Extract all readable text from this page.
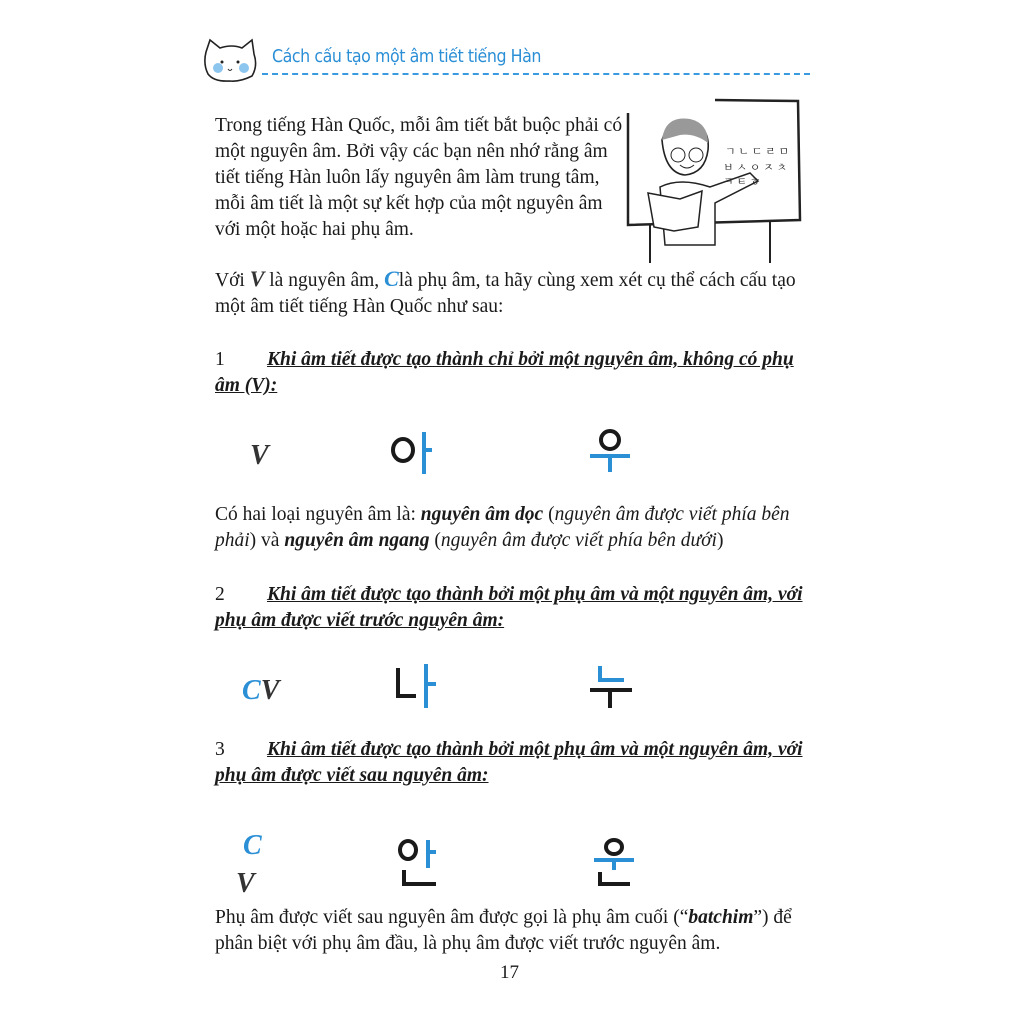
Cách cấu tạo một âm tiết tiếng Hàn
Trong tiếng Hàn Quốc, mỗi âm tiết bắt buộc phải có một nguyên âm. Bởi vậy các bạn nên nhớ rằng âm tiết tiếng Hàn luôn lấy nguyên âm làm trung tâm, mỗi âm tiết là một sự kết hợp của một nguyên âm với một hoặc hai phụ âm.
ㄱ ㄴ ㄷ ㄹ ㅁ
ㅂ ㅅ ㅇ ㅈ ㅊ
ㅋ ㅌ ㅎ
Với V là nguyên âm, Clà phụ âm, ta hãy cùng xem xét cụ thể cách cấu tạo một âm tiết tiếng Hàn Quốc như sau:
1 Khi âm tiết được tạo thành chỉ bởi một nguyên âm, không có phụ âm (V):
V
Có hai loại nguyên âm là: nguyên âm dọc (nguyên âm được viết phía bên phải) và nguyên âm ngang (nguyên âm được viết phía bên dưới)
2 Khi âm tiết được tạo thành bởi một phụ âm và một nguyên âm, với phụ âm được viết trước nguyên âm:
CV
3 Khi âm tiết được tạo thành bởi một phụ âm và một nguyên âm, với phụ âm được viết sau nguyên âm:
C
V
Phụ âm được viết sau nguyên âm được gọi là phụ âm cuối (“batchim”) để phân biệt với phụ âm đầu, là phụ âm được viết trước nguyên âm.
17
